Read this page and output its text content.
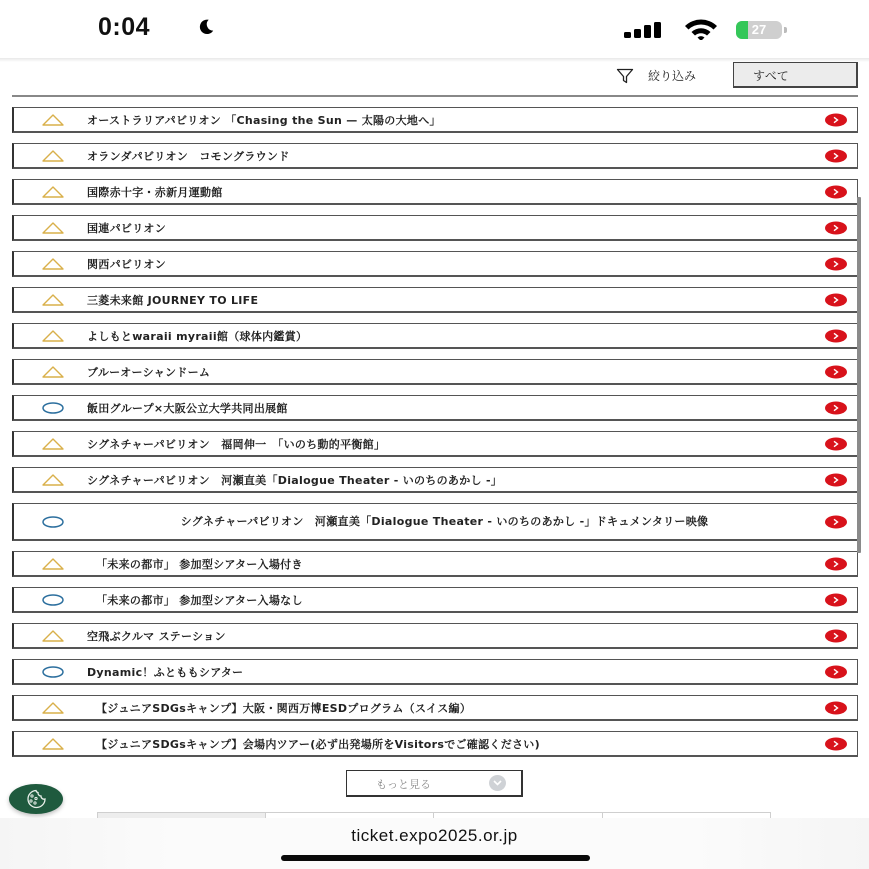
0:04	27
絞り込み	すべて
オーストラリアパビリオン 「Chasing the Sun — 太陽の大地へ」
オランダパビリオン　コモングラウンド
国際赤十字・赤新月運動館
国連パビリオン
関西パビリオン
三菱未来館 JOURNEY TO LIFE
よしもとwaraii myraii館（球体内鑑賞）
ブルーオーシャンドーム
飯田グループ×大阪公立大学共同出展館
シグネチャーパビリオン　福岡伸一　「いのち動的平衡館」
シグネチャーパビリオン　河瀬直美「Dialogue Theater - いのちのあかし -」
シグネチャーパビリオン　河瀬直美「Dialogue Theater - いのちのあかし -」ドキュメンタリー映像
「未来の都市」 参加型シアター入場付き
「未来の都市」 参加型シアター入場なし
空飛ぶクルマ ステーション
Dynamic！ふとももシアター
【ジュニアSDGsキャンプ】大阪・関西万博ESDプログラム（スイス編）
【ジュニアSDGsキャンプ】会場内ツアー(必ず出発場所をVisitorsでご確認ください)
もっと見る
ticket.expo2025.or.jp
